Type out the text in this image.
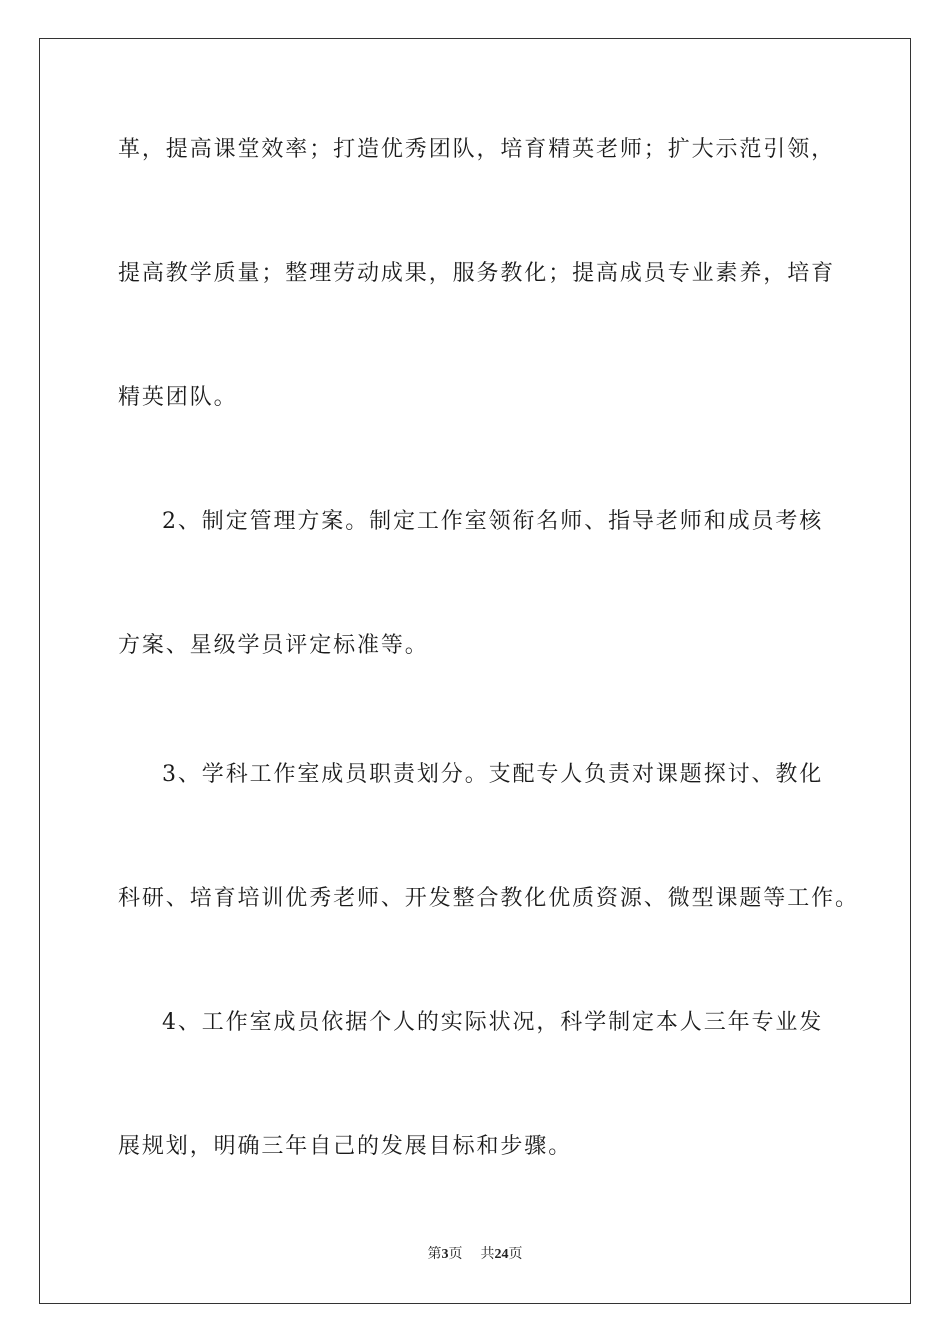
革，提高课堂效率；打造优秀团队，培育精英老师；扩大示范引领，
提高教学质量；整理劳动成果，服务教化；提高成员专业素养，培育
精英团队。
2、制定管理方案。制定工作室领衔名师、指导老师和成员考核
方案、星级学员评定标准等。
3、学科工作室成员职责划分。支配专人负责对课题探讨、教化
科研、培育培训优秀老师、开发整合教化优质资源、微型课题等工作。
4、工作室成员依据个人的实际状况，科学制定本人三年专业发
展规划，明确三年自己的发展目标和步骤。
第3页 共24页
